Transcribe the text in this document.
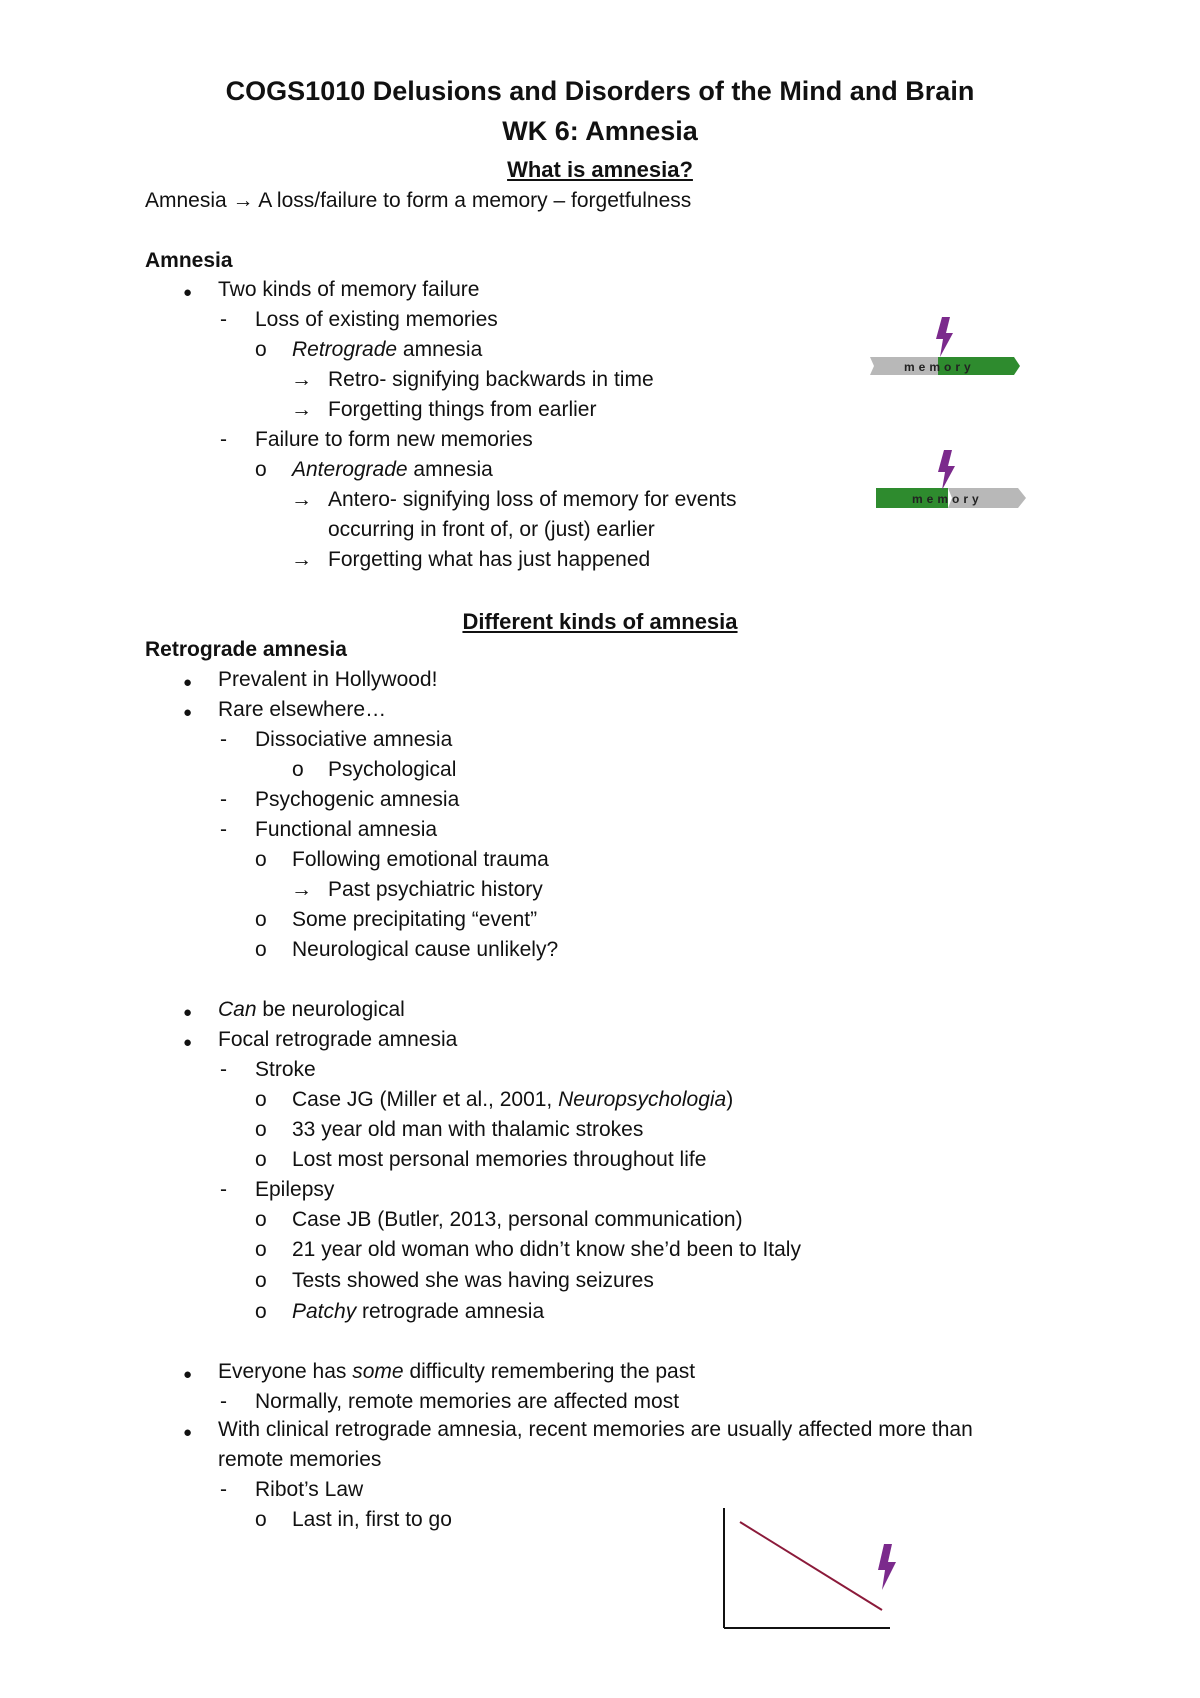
COGS1010 Delusions and Disorders of the Mind and Brain
WK 6: Amnesia
What is amnesia?
Amnesia → A loss/failure to form a memory – forgetfulness
Amnesia
● Two kinds of memory failure
- Loss of existing memories
o Retrograde amnesia
→ Retro- signifying backwards in time
→ Forgetting things from earlier
- Failure to form new memories
o Anterograde amnesia
→ Antero- signifying loss of memory for events
occurring in front of, or (just) earlier
→ Forgetting what has just happened
memory
memory
Different kinds of amnesia
Retrograde amnesia
● Prevalent in Hollywood!
● Rare elsewhere…
- Dissociative amnesia
o Psychological
- Psychogenic amnesia
- Functional amnesia
o Following emotional trauma
→ Past psychiatric history
o Some precipitating “event”
o Neurological cause unlikely?
● Can be neurological
● Focal retrograde amnesia
- Stroke
o Case JG (Miller et al., 2001, Neuropsychologia)
o 33 year old man with thalamic strokes
o Lost most personal memories throughout life
- Epilepsy
o Case JB (Butler, 2013, personal communication)
o 21 year old woman who didn’t know she’d been to Italy
o Tests showed she was having seizures
o Patchy retrograde amnesia
● Everyone has some difficulty remembering the past
- Normally, remote memories are affected most
● With clinical retrograde amnesia, recent memories are usually affected more than
remote memories
- Ribot’s Law
o Last in, first to go
